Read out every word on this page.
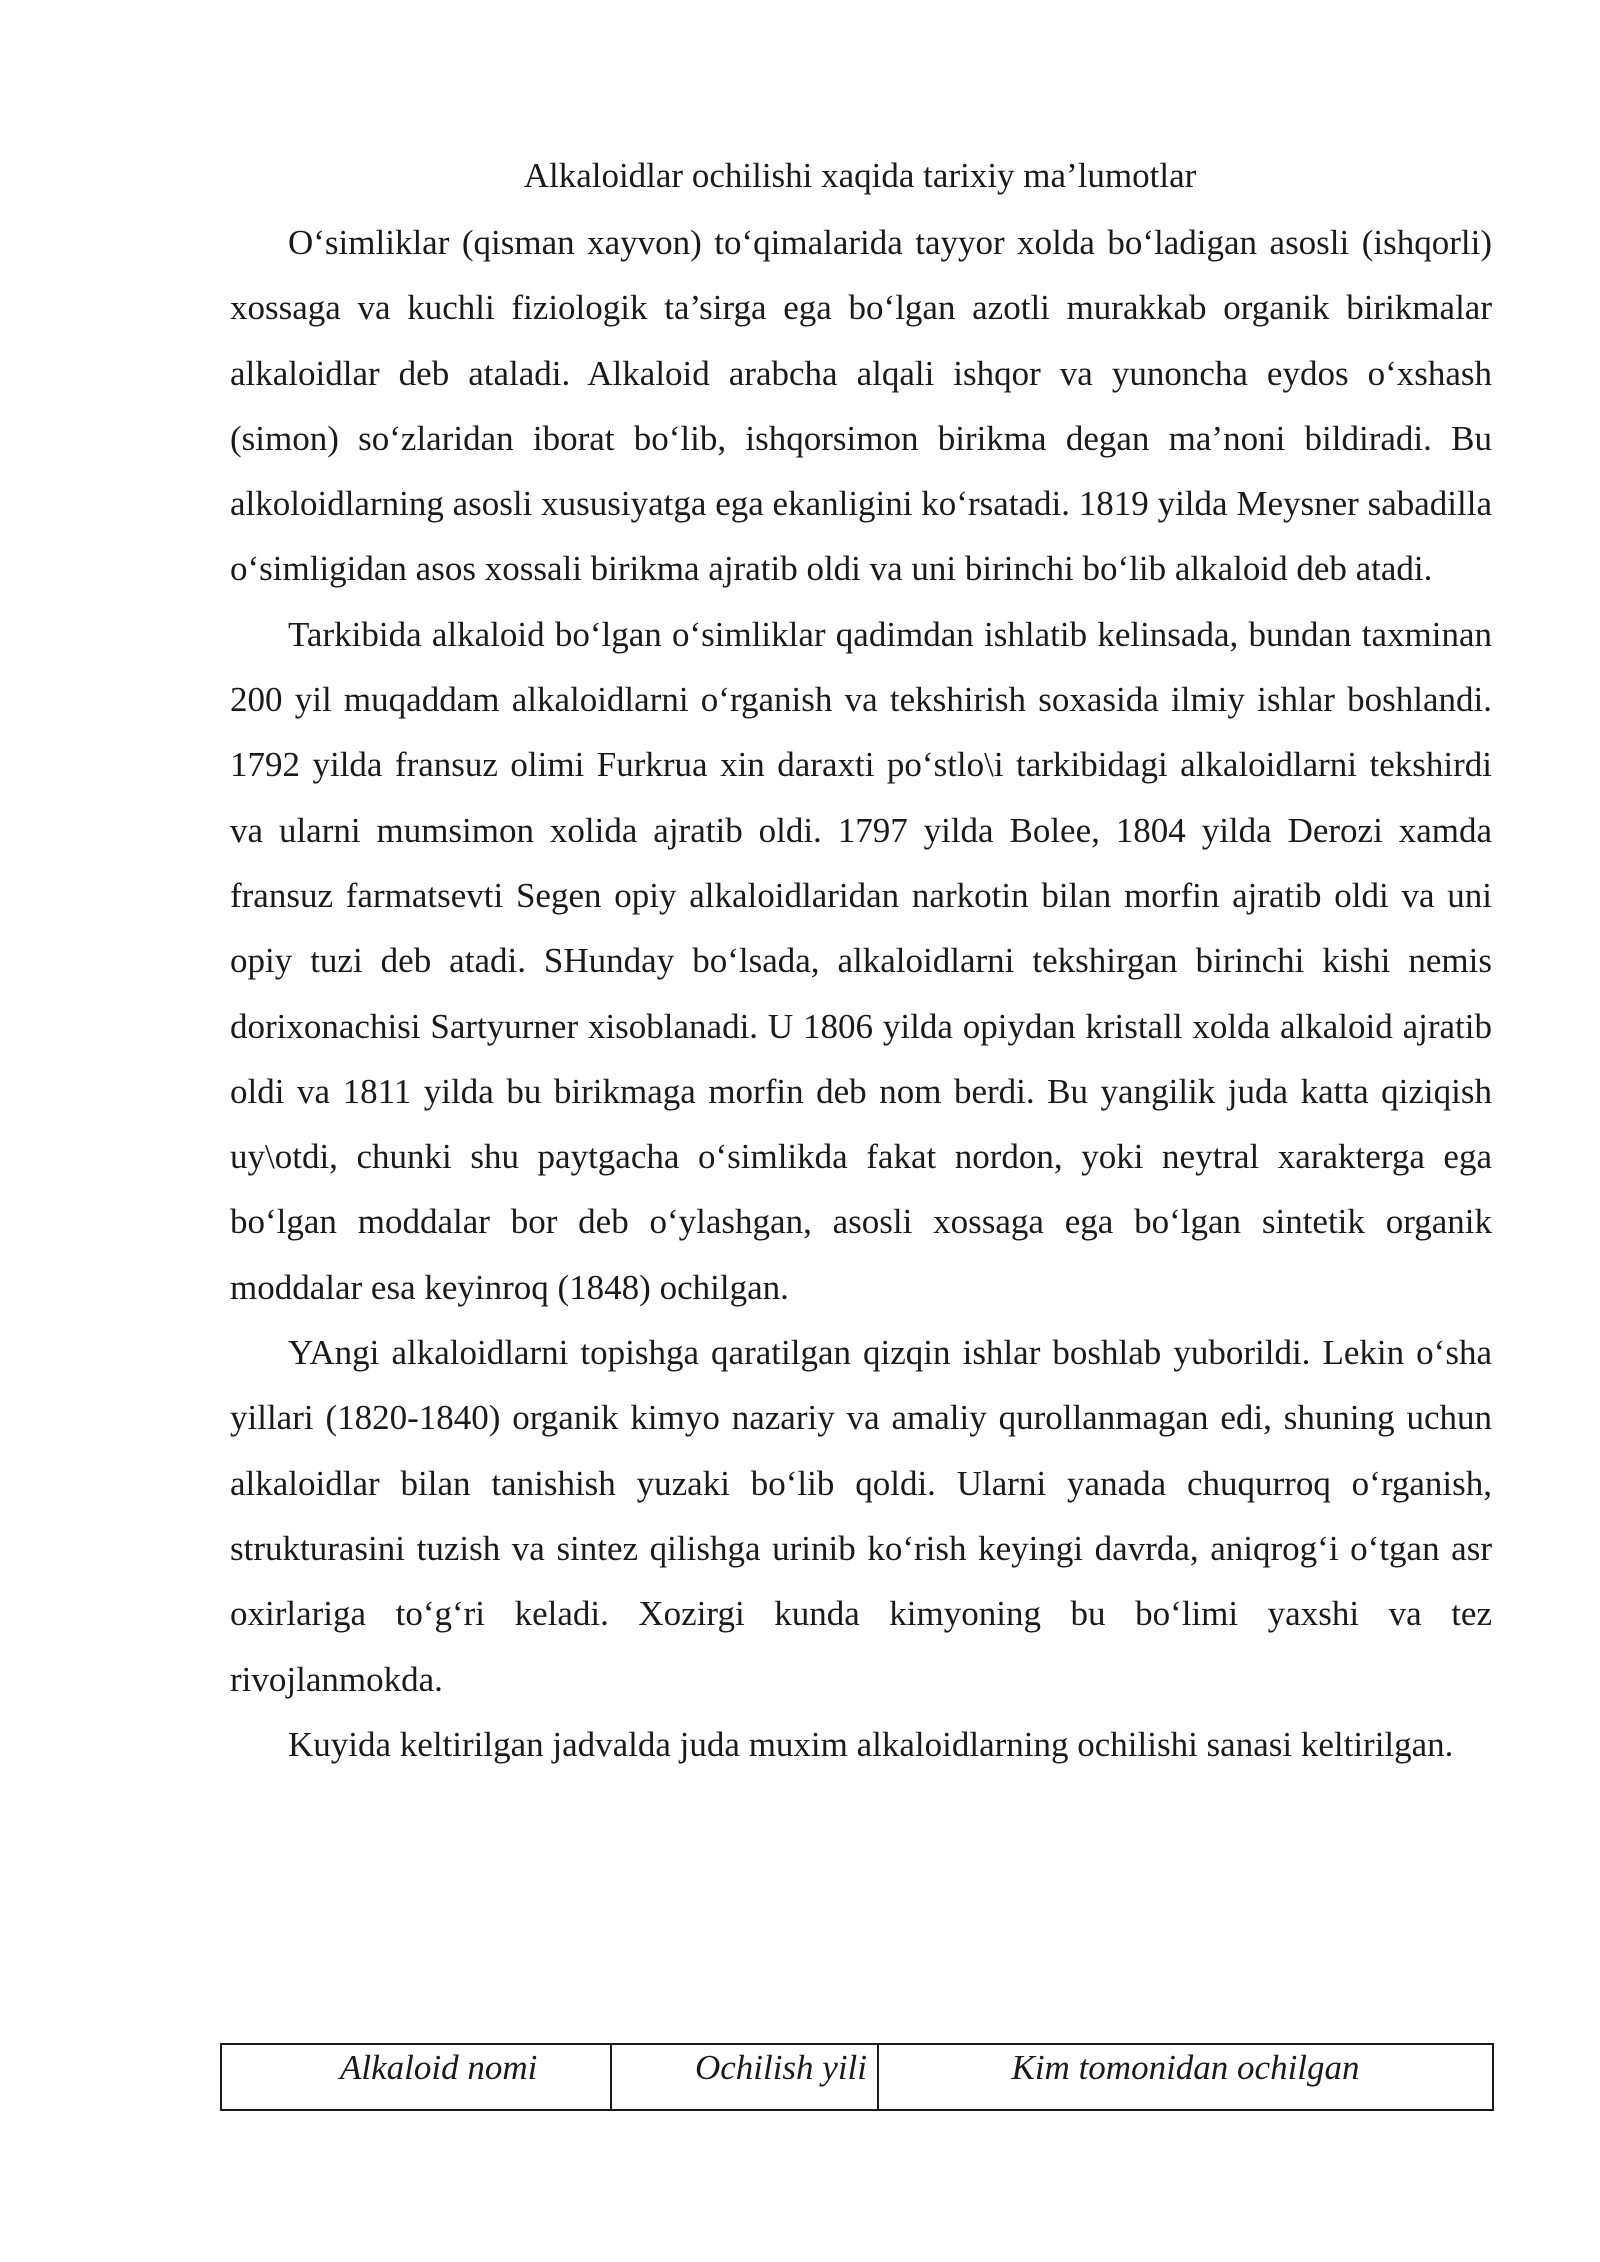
Alkaloidlar ochilishi xaqida tarixiy ma’lumotlar

O‘simliklar (qisman xayvon) to‘qimalarida tayyor xolda bo‘ladigan asosli (ishqorli) xossaga va kuchli fiziologik ta’sirga ega bo‘lgan azotli murakkab organik birikmalar alkaloidlar deb ataladi. Alkaloid arabcha alqali ishqor va yunoncha eydos o‘xshash (simon) so‘zlaridan iborat bo‘lib, ishqorsimon birikma degan ma’noni bildiradi. Bu alkoloidlarning asosli xususiyatga ega ekanligini ko‘rsatadi. 1819 yilda Meysner sabadilla o‘simligidan asos xossali birikma ajratib oldi va uni birinchi bo‘lib alkaloid deb atadi.

Tarkibida alkaloid bo‘lgan o‘simliklar qadimdan ishlatib kelinsada, bundan taxminan 200 yil muqaddam alkaloidlarni o‘rganish va tekshirish soxasida ilmiy ishlar boshlandi. 1792 yilda fransuz olimi Furkrua xin daraxti po‘stlo\i tarkibidagi alkaloidlarni tekshirdi va ularni mumsimon xolida ajratib oldi. 1797 yilda Bolee, 1804 yilda Derozi xamda fransuz farmatsevti Segen opiy alkaloidlaridan narkotin bilan morfin ajratib oldi va uni opiy tuzi deb atadi. SHunday bo‘lsada, alkaloidlarni tekshirgan birinchi kishi nemis dorixonachisi Sartyurner xisoblanadi. U 1806 yilda opiydan kristall xolda alkaloid ajratib oldi va 1811 yilda bu birikmaga morfin deb nom berdi. Bu yangilik juda katta qiziqish uy\otdi, chunki shu paytgacha o‘simlikda fakat nordon, yoki neytral xarakterga ega bo‘lgan moddalar bor deb o‘ylashgan, asosli xossaga ega bo‘lgan sintetik organik moddalar esa keyinroq (1848) ochilgan.

YAngi alkaloidlarni topishga qaratilgan qizqin ishlar boshlab yuborildi. Lekin o‘sha yillari (1820-1840) organik kimyo nazariy va amaliy qurollanmagan edi, shuning uchun alkaloidlar bilan tanishish yuzaki bo‘lib qoldi. Ularni yanada chuqurroq o‘rganish, strukturasini tuzish va sintez qilishga urinib ko‘rish keyingi davrda, aniqrog‘i o‘tgan asr oxirlariga to‘g‘ri keladi. Xozirgi kunda kimyoning bu bo‘limi yaxshi va tez rivojlanmokda.

Kuyida keltirilgan jadvalda juda muxim alkaloidlarning ochilishi sanasi keltirilgan.

Alkaloid nomi	Ochilish yili	Kim tomonidan ochilgan
